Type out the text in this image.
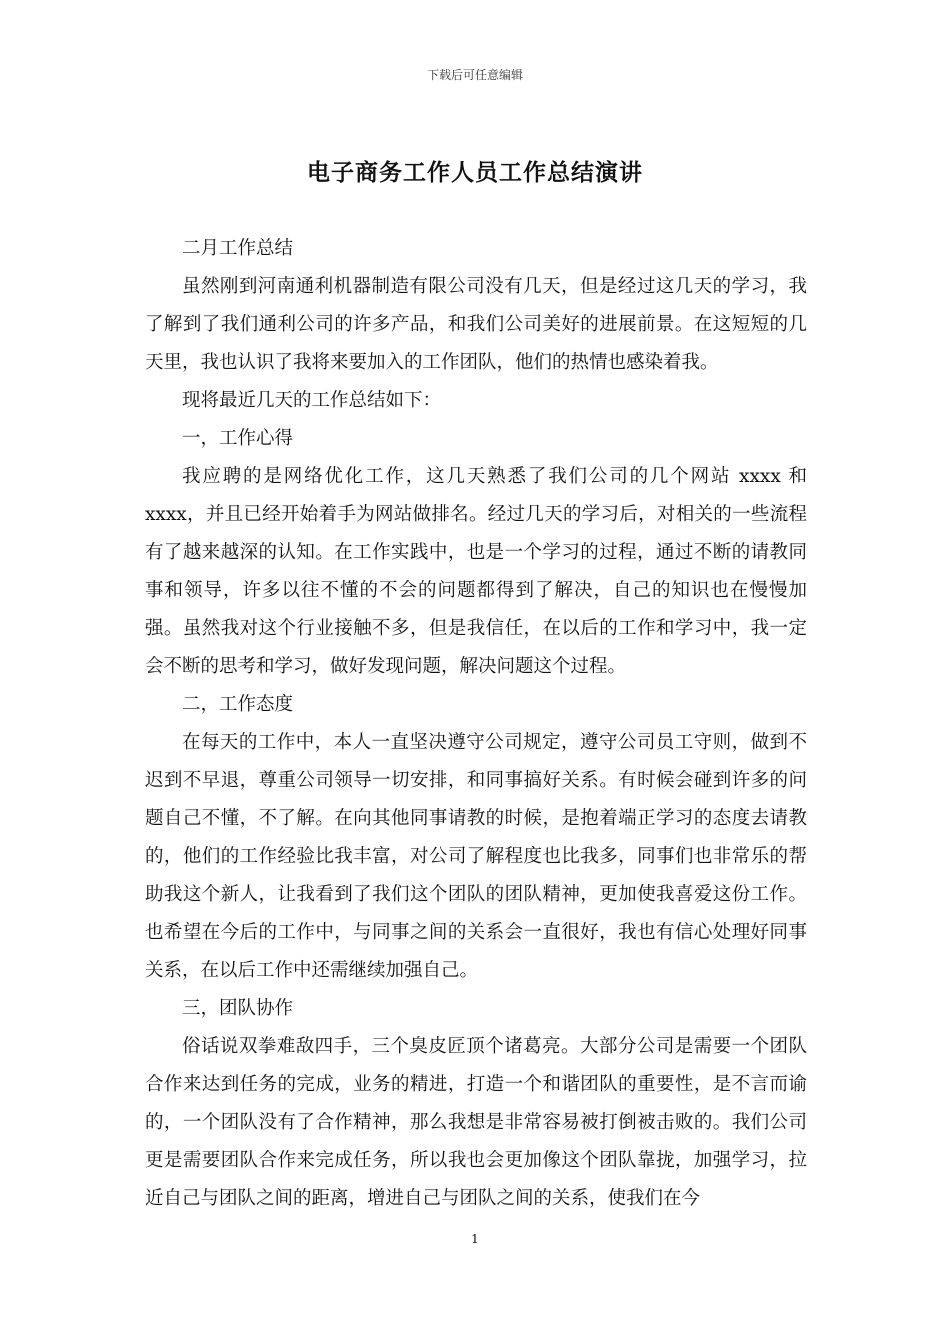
下载后可任意编辑
电子商务工作人员工作总结演讲

二月工作总结

虽然刚到河南通利机器制造有限公司没有几天，但是经过这几天的学习，我了解到了我们通利公司的许多产品，和我们公司美好的进展前景。在这短短的几天里，我也认识了我将来要加入的工作团队，他们的热情也感染着我。

现将最近几天的工作总结如下：

一，工作心得

我应聘的是网络优化工作，这几天熟悉了我们公司的几个网站 xxxx 和 xxxx，并且已经开始着手为网站做排名。经过几天的学习后，对相关的一些流程有了越来越深的认知。在工作实践中，也是一个学习的过程，通过不断的请教同事和领导，许多以往不懂的不会的问题都得到了解决，自己的知识也在慢慢加强。虽然我对这个行业接触不多，但是我信任，在以后的工作和学习中，我一定会不断的思考和学习，做好发现问题，解决问题这个过程。

二，工作态度

在每天的工作中，本人一直坚决遵守公司规定，遵守公司员工守则，做到不迟到不早退，尊重公司领导一切安排，和同事搞好关系。有时候会碰到许多的问题自己不懂，不了解。在向其他同事请教的时候，是抱着端正学习的态度去请教的，他们的工作经验比我丰富，对公司了解程度也比我多，同事们也非常乐的帮助我这个新人，让我看到了我们这个团队的团队精神，更加使我喜爱这份工作。也希望在今后的工作中，与同事之间的关系会一直很好，我也有信心处理好同事关系，在以后工作中还需继续加强自己。

三，团队协作

俗话说双拳难敌四手，三个臭皮匠顶个诸葛亮。大部分公司是需要一个团队合作来达到任务的完成，业务的精进，打造一个和谐团队的重要性，是不言而谕的，一个团队没有了合作精神，那么我想是非常容易被打倒被击败的。我们公司更是需要团队合作来完成任务，所以我也会更加像这个团队靠拢，加强学习，拉近自己与团队之间的距离，增进自己与团队之间的关系，使我们在今

1
